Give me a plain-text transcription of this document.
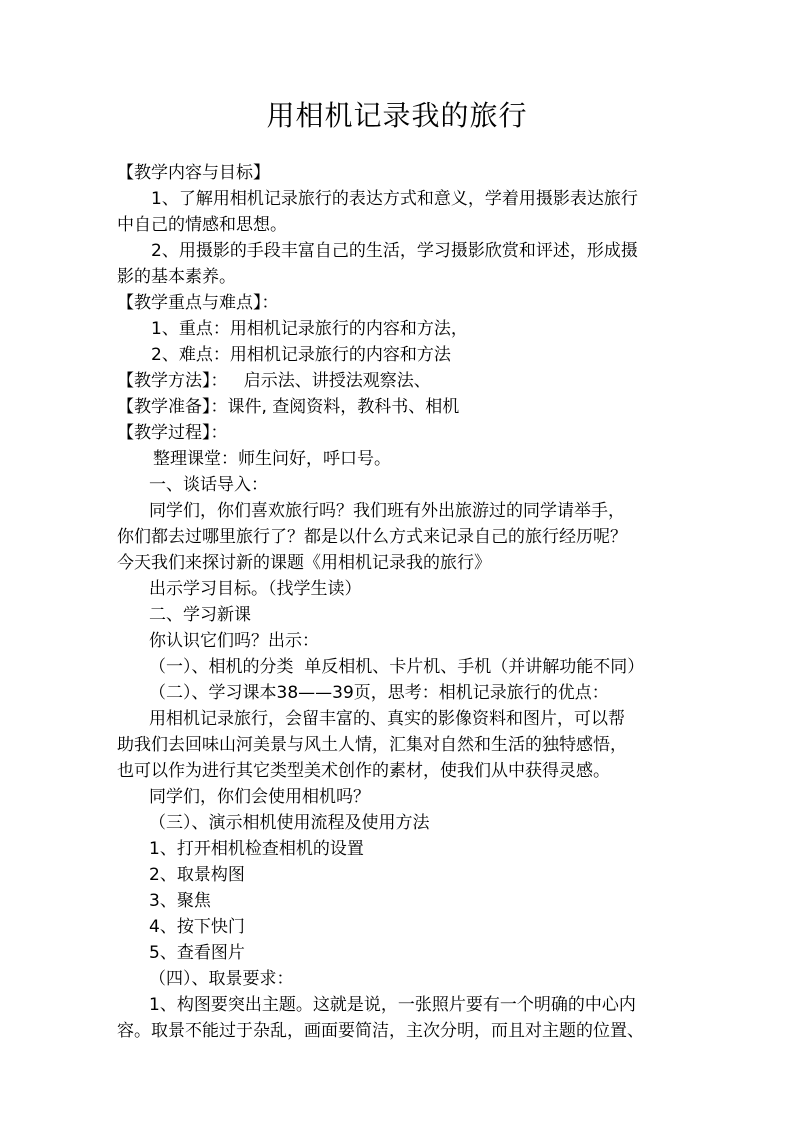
用相机记录我的旅行

【教学内容与目标】

1、了解用相机记录旅行的表达方式和意义，学着用摄影表达旅行

中自己的情感和思想。

2、用摄影的手段丰富自己的生活，学习摄影欣赏和评述，形成摄

影的基本素养。

【教学重点与难点】：

1、重点：用相机记录旅行的内容和方法，

2、难点：用相机记录旅行的内容和方法

【教学方法】：   启示法、讲授法观察法、

【教学准备】：课件, 查阅资料，教科书、相机

【教学过程】：

整理课堂：师生问好，呼口号。

一、谈话导入：

同学们，你们喜欢旅行吗？我们班有外出旅游过的同学请举手，

你们都去过哪里旅行了？都是以什么方式来记录自己的旅行经历呢？

今天我们来探讨新的课题《用相机记录我的旅行》

出示学习目标。（找学生读）

二、学习新课

你认识它们吗？出示：

（一）、相机的分类  单反相机、卡片机、手机（并讲解功能不同）

（二）、学习课本38——39页，思考：相机记录旅行的优点：

用相机记录旅行，会留丰富的、真实的影像资料和图片，可以帮

助我们去回味山河美景与风土人情，汇集对自然和生活的独特感悟，

也可以作为进行其它类型美术创作的素材，使我们从中获得灵感。

同学们，你们会使用相机吗？

（三）、演示相机使用流程及使用方法

1、打开相机检查相机的设置

2、取景构图

3、聚焦

4、按下快门

5、查看图片

（四）、取景要求：

1、构图要突出主题。这就是说，一张照片要有一个明确的中心内

容。取景不能过于杂乱，画面要简洁，主次分明，而且对主题的位置、
